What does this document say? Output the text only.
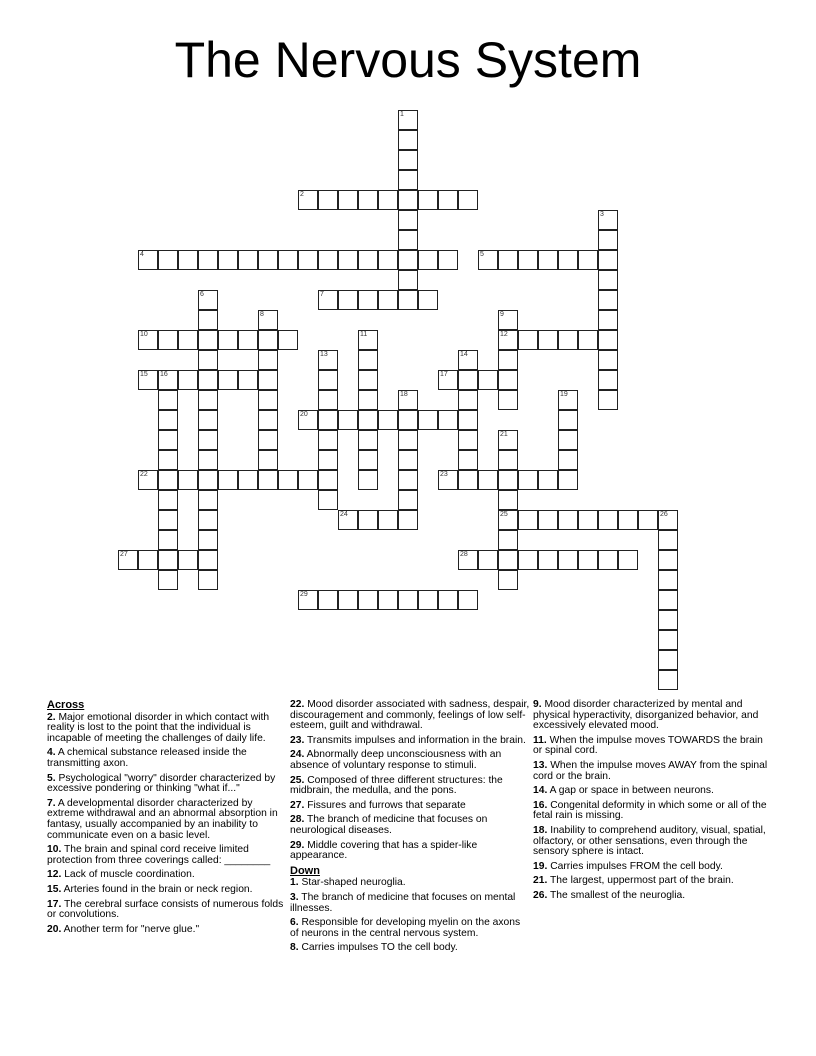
The Nervous System
1
2
3
4	5
6	7
8	9
12
10	11
13	14
15 16	17
18	19
20
21
25
22	23
24	26
27	28
29
Across
2. Major emotional disorder in which contact with reality is lost to the point that the individual is incapable of meeting the challenges of daily life.
4. A chemical substance released inside the transmitting axon.
5. Psychological "worry" disorder characterized by excessive pondering or thinking "what if..."
7. A developmental disorder characterized by extreme withdrawal and an abnormal absorption in fantasy, usually accompanied by an inability to communicate even on a basic level.
10. The brain and spinal cord receive limited protection from three coverings called: ________
12. Lack of muscle coordination.
15. Arteries found in the brain or neck region.
17. The cerebral surface consists of numerous folds or convolutions.
20. Another term for "nerve glue."
22. Mood disorder associated with sadness, despair, discouragement and commonly, feelings of low self-esteem, guilt and withdrawal.
23. Transmits impulses and information in the brain.
24. Abnormally deep unconsciousness with an absence of voluntary response to stimuli.
25. Composed of three different structures: the midbrain, the medulla, and the pons.
27. Fissures and furrows that separate
28. The branch of medicine that focuses on neurological diseases.
29. Middle covering that has a spider-like appearance.
Down
1. Star-shaped neuroglia.
3. The branch of medicine that focuses on mental illnesses.
6. Responsible for developing myelin on the axons of neurons in the central nervous system.
8. Carries impulses TO the cell body.
9. Mood disorder characterized by mental and physical hyperactivity, disorganized behavior, and excessively elevated mood.
11. When the impulse moves TOWARDS the brain or spinal cord.
13. When the impulse moves AWAY from the spinal cord or the brain.
14. A gap or space in between neurons.
16. Congenital deformity in which some or all of the fetal rain is missing.
18. Inability to comprehend auditory, visual, spatial, olfactory, or other sensations, even through the sensory sphere is intact.
19. Carries impulses FROM the cell body.
21. The largest, uppermost part of the brain.
26. The smallest of the neuroglia.
